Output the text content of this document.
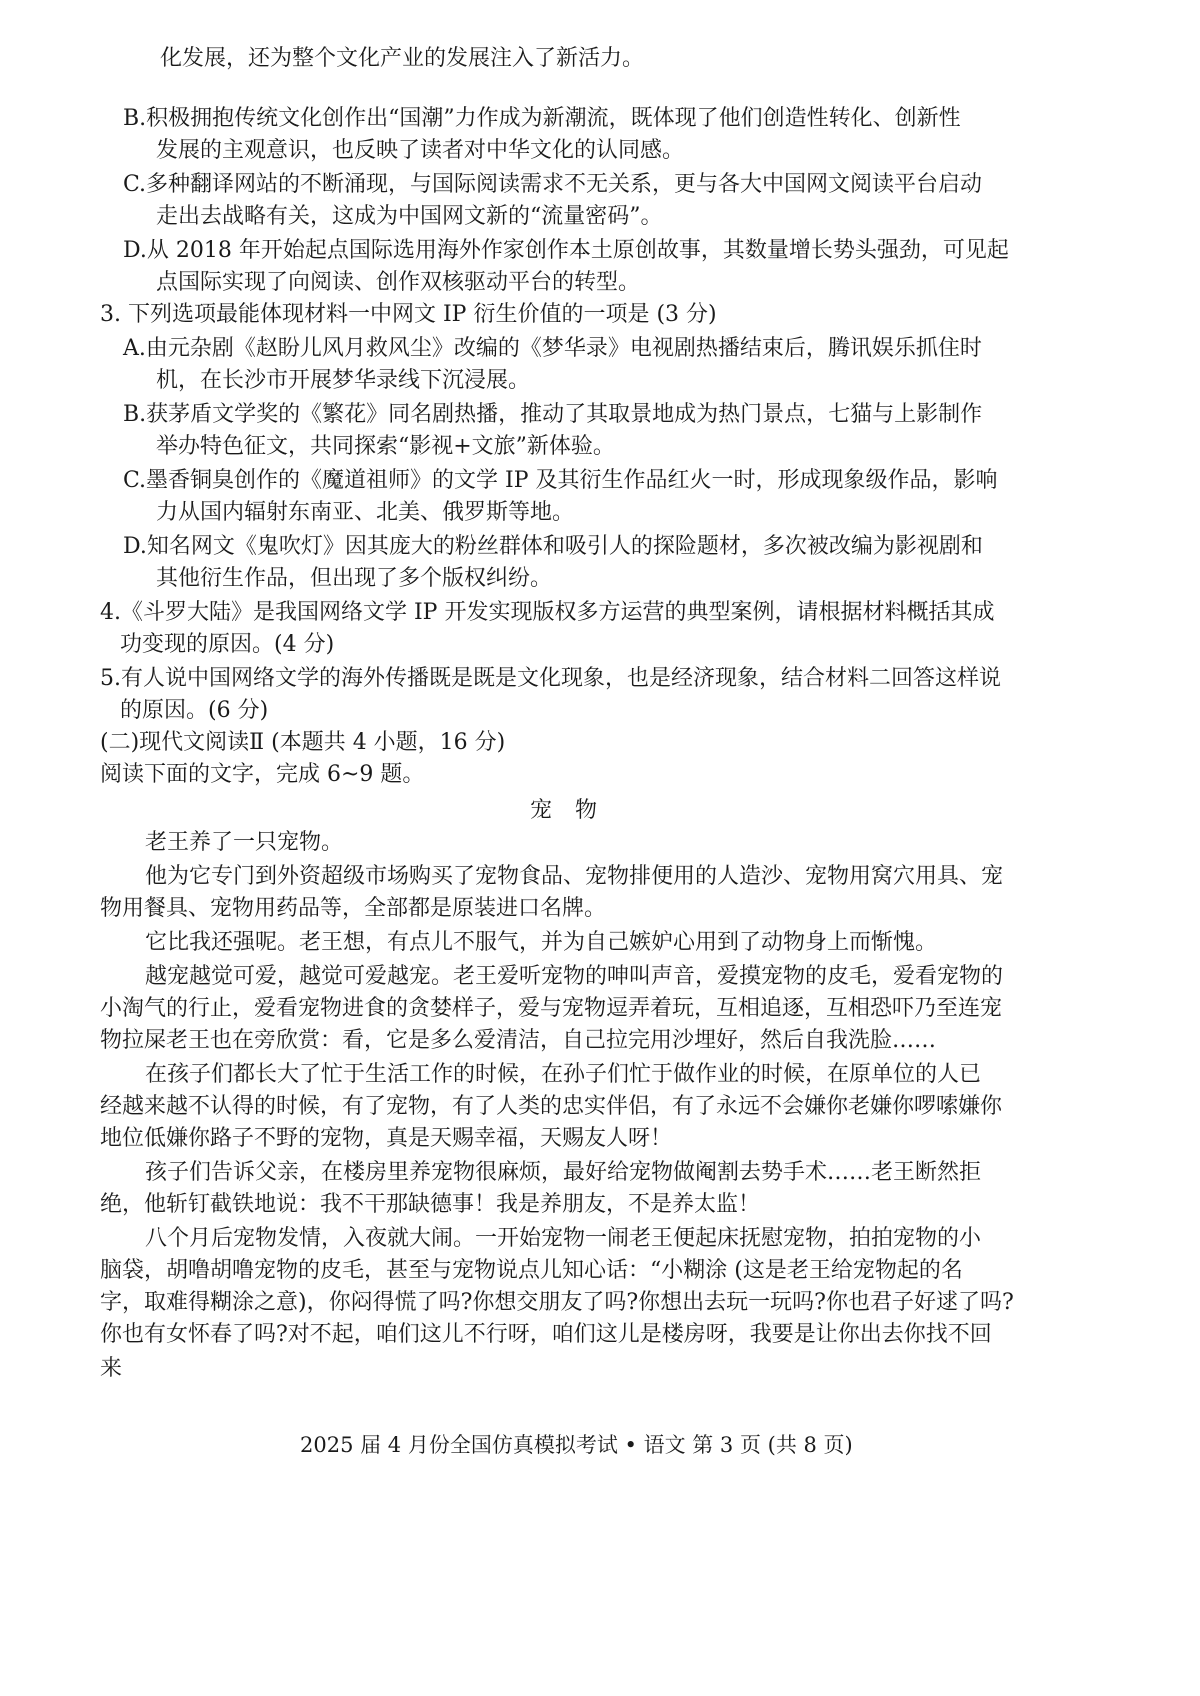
化发展，还为整个文化产业的发展注入了新活力。
B.积极拥抱传统文化创作出“国潮”力作成为新潮流，既体现了他们创造性转化、创新性
发展的主观意识，也反映了读者对中华文化的认同感。
C.多种翻译网站的不断涌现，与国际阅读需求不无关系，更与各大中国网文阅读平台启动
走出去战略有关，这成为中国网文新的“流量密码”。
D.从 2018 年开始起点国际选用海外作家创作本土原创故事，其数量增长势头强劲，可见起
点国际实现了向阅读、创作双核驱动平台的转型。
3. 下列选项最能体现材料一中网文 IP 衍生价值的一项是 (3 分)
A.由元杂剧《赵盼儿风月救风尘》改编的《梦华录》电视剧热播结束后，腾讯娱乐抓住时
机，在长沙市开展梦华录线下沉浸展。
B.获茅盾文学奖的《繁花》同名剧热播，推动了其取景地成为热门景点，七猫与上影制作
举办特色征文，共同探索“影视+文旅”新体验。
C.墨香铜臭创作的《魔道祖师》的文学 IP 及其衍生作品红火一时，形成现象级作品，影响
力从国内辐射东南亚、北美、俄罗斯等地。
D.知名网文《鬼吹灯》因其庞大的粉丝群体和吸引人的探险题材，多次被改编为影视剧和
其他衍生作品，但出现了多个版权纠纷。
4.《斗罗大陆》是我国网络文学 IP 开发实现版权多方运营的典型案例，请根据材料概括其成
功变现的原因。(4 分)
5.有人说中国网络文学的海外传播既是既是文化现象，也是经济现象，结合材料二回答这样说
的原因。(6 分)
(二)现代文阅读Ⅱ (本题共 4 小题，16 分)
阅读下面的文字，完成 6~9 题。
宠 物
老王养了一只宠物。
他为它专门到外资超级市场购买了宠物食品、宠物排便用的人造沙、宠物用窝穴用具、宠
物用餐具、宠物用药品等，全部都是原装进口名牌。
它比我还强呢。老王想，有点儿不服气，并为自己嫉妒心用到了动物身上而惭愧。
越宠越觉可爱，越觉可爱越宠。老王爱听宠物的呻叫声音，爱摸宠物的皮毛，爱看宠物的
小淘气的行止，爱看宠物进食的贪婪样子，爱与宠物逗弄着玩，互相追逐，互相恐吓乃至连宠
物拉屎老王也在旁欣赏：看，它是多么爱清洁，自己拉完用沙埋好，然后自我洗脸……
在孩子们都长大了忙于生活工作的时候，在孙子们忙于做作业的时候，在原单位的人已
经越来越不认得的时候，有了宠物，有了人类的忠实伴侣，有了永远不会嫌你老嫌你啰嗦嫌你
地位低嫌你路子不野的宠物，真是天赐幸福，天赐友人呀！
孩子们告诉父亲，在楼房里养宠物很麻烦，最好给宠物做阉割去势手术……老王断然拒
绝，他斩钉截铁地说：我不干那缺德事！我是养朋友，不是养太监！
八个月后宠物发情，入夜就大闹。一开始宠物一闹老王便起床抚慰宠物，拍拍宠物的小
脑袋，胡噜胡噜宠物的皮毛，甚至与宠物说点儿知心话：“小糊涂 (这是老王给宠物起的名
字，取难得糊涂之意)，你闷得慌了吗?你想交朋友了吗?你想出去玩一玩吗?你也君子好逑了吗?
你也有女怀春了吗?对不起，咱们这儿不行呀，咱们这儿是楼房呀，我要是让你出去你找不回
来
2025 届 4 月份全国仿真模拟考试 • 语文 第 3 页 (共 8 页)
